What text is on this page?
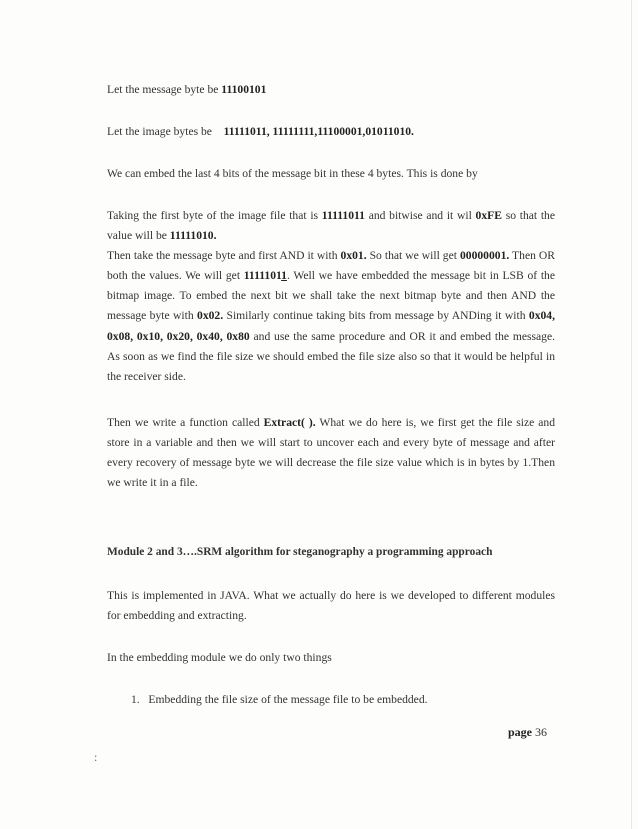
Let the message byte be 11100101
Let the image bytes be    11111011, 11111111,11100001,01011010.
We can embed the last 4 bits of the message bit in these 4 bytes. This is done by
Taking the first byte of the image file that is 11111011 and bitwise and it wil 0xFE so that the value will be 11111010.
Then take the message byte and first AND it with 0x01. So that we will get 00000001. Then OR both the values. We will get 11111011. Well we have embedded the message bit in LSB of the bitmap image. To embed the next bit we shall take the next bitmap byte and then AND the message byte with 0x02. Similarly continue taking bits from message by ANDing it with 0x04, 0x08, 0x10, 0x20, 0x40, 0x80 and use the same procedure and OR it and embed the message. As soon as we find the file size we should embed the file size also so that it would be helpful in the receiver side.
Then we write a function called Extract( ). What we do here is, we first get the file size and store in a variable and then we will start to uncover each and every byte of message and after every recovery of message byte we will decrease the file size value which is in bytes by 1.Then we write it in a file.
Module 2 and 3….SRM algorithm for steganography a programming approach
This is implemented in JAVA. What we actually do here is we developed to different modules for embedding and extracting.
In the embedding module we do only two things
1. Embedding the file size of the message file to be embedded.
page 36
:
